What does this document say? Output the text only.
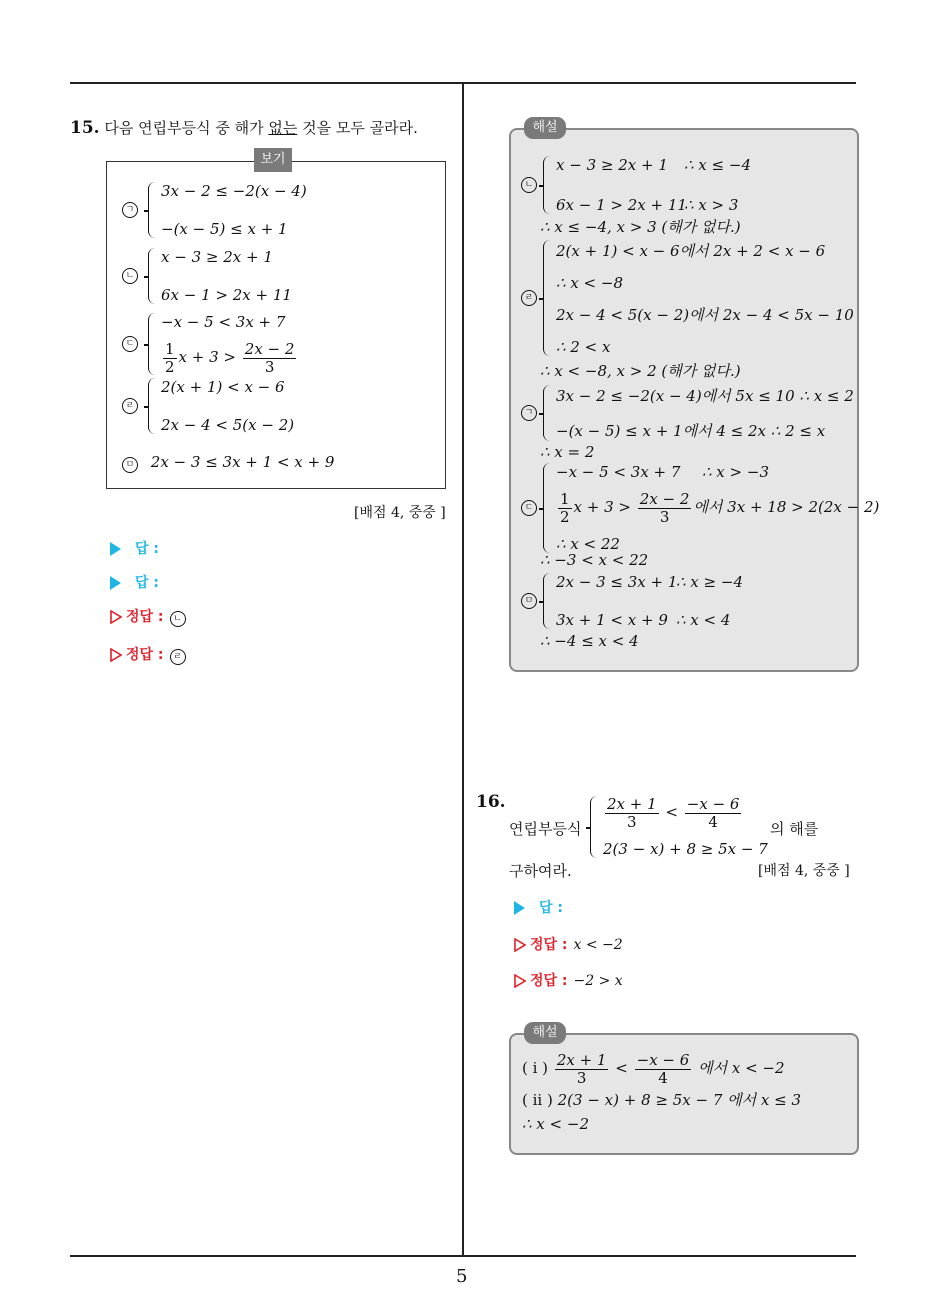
5
15. 다음 연립부등식 중 해가 없는 것을 모두 골라라.
보기
ㄱ
3x − 2 ≤ −2(x − 4)
−(x − 5) ≤ x + 1
ㄴ
x − 3 ≥ 2x + 1
6x − 1 > 2x + 11
ㄷ
−x − 5 < 3x + 7
$\frac{1}{2}$ $x + 3 > \frac{2x - 2}{3}$
ㄹ
2(x + 1) < x − 6
2x − 4 < 5(x − 2)
ㅁ 2x − 3 ≤ 3x + 1 < x + 9
[배점 4, 중중 ]
답 :
답 :
정답 : ㄴ
정답 : ㄹ
해설
ㄴ
x − 3 ≥ 2x + 1 ∴ x ≤ −4
6x − 1 > 2x + 11∴ x > 3
∴ x ≤ −4, x > 3 (해가 없다.)
ㄹ
2(x + 1) < x − 6에서 2x + 2 < x − 6
∴ x < −8
2x − 4 < 5(x − 2)에서 2x − 4 < 5x − 10
∴ 2 < x
∴ x < −8, x > 2 (해가 없다.)
ㄱ
3x − 2 ≤ −2(x − 4)에서 5x ≤ 10 ∴ x ≤ 2
−(x − 5) ≤ x + 1에서 4 ≤ 2x ∴ 2 ≤ x
∴ x = 2
ㄷ
−x − 5 < 3x + 7 ∴ x > −3
$\frac{1}{2}$ $x + 3 > \frac{2x - 2}{3}$ 에서 3x + 18 > 2(2x − 2)
∴ x < 22
∴ −3 < x < 22
ㅁ
2x − 3 ≤ 3x + 1∴ x ≥ −4
3x + 1 < x + 9 ∴ x < 4
∴ −4 ≤ x < 4
16.
연립부등식 $\frac{2x + 1}{3} < \frac{-x - 6}{4}$
2(3 − x) + 8 ≥ 5x − 7
의 해를
구하여라.	[배점 4, 중중 ]
답 :
정답 : x < −2
정답 : −2 > x
해설
( i ) $\frac{2x + 1}{3} < \frac{-x - 6}{4}$ 에서 x < −2
( ii ) 2(3 − x) + 8 ≥ 5x − 7 에서 x ≤ 3
∴ x < −2
